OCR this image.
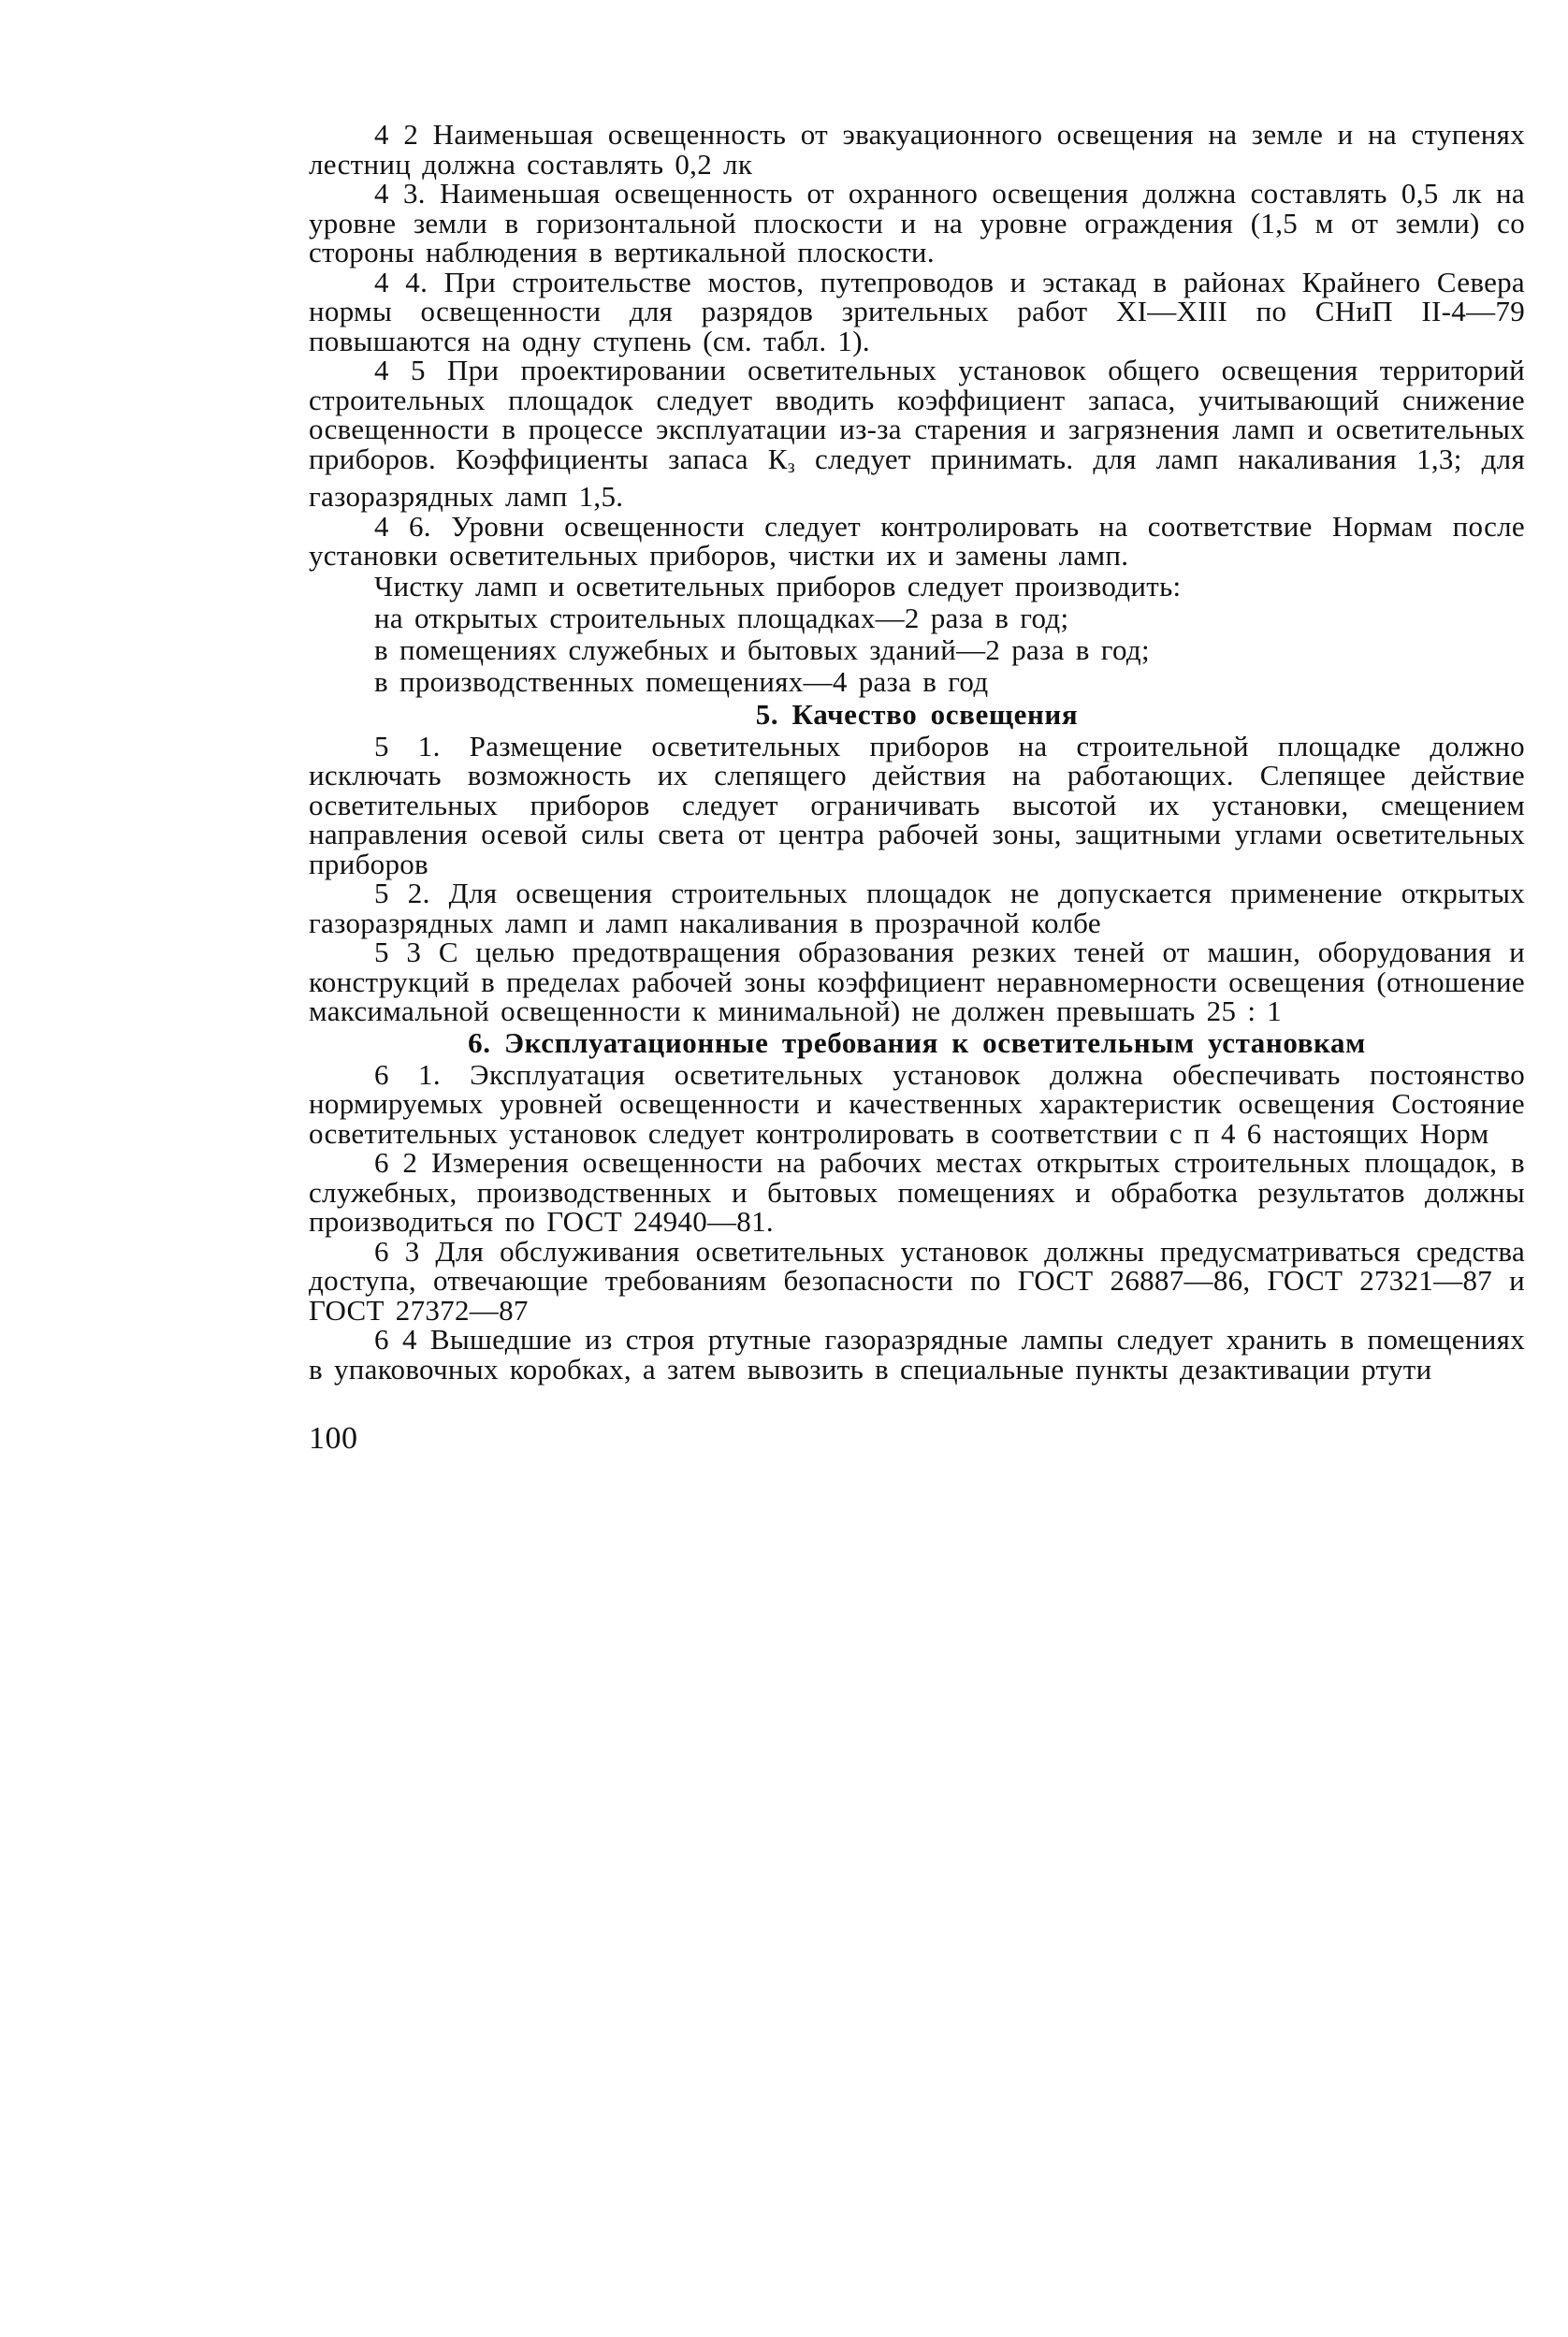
4 2 Наименьшая освещенность от эвакуационного освещения на земле и на ступенях лестниц должна составлять 0,2 лк

4 3. Наименьшая освещенность от охранного освещения должна составлять 0,5 лк на уровне земли в горизонтальной плоскости и на уровне ограждения (1,5 м от земли) со стороны наблюдения в вертикальной плоскости.

4 4. При строительстве мостов, путепроводов и эстакад в районах Крайнего Севера нормы освещенности для разрядов зрительных работ XI—XIII по СНиП II-4—79 повышаются на одну ступень (см. табл. 1).

4 5 При проектировании осветительных установок общего освещения территорий строительных площадок следует вводить коэффициент запаса, учитывающий снижение освещенности в процессе эксплуатации из-за старения и загрязнения ламп и осветительных приборов. Коэффициенты запаса $К_з$ следует принимать. для ламп накаливания 1,3; для газоразрядных ламп 1,5.

4 6. Уровни освещенности следует контролировать на соответствие Нормам после установки осветительных приборов, чистки их и замены ламп.

Чистку ламп и осветительных приборов следует производить:

на открытых строительных площадках—2 раза в год;

в помещениях служебных и бытовых зданий—2 раза в год;

в производственных помещениях—4 раза в год

5. Качество освещения

5 1. Размещение осветительных приборов на строительной площадке должно исключать возможность их слепящего действия на работающих. Слепящее действие осветительных приборов следует ограничивать высотой их установки, смещением направления осевой силы света от центра рабочей зоны, защитными углами осветительных приборов

5 2. Для освещения строительных площадок не допускается применение открытых газоразрядных ламп и ламп накаливания в прозрачной колбе

5 3 С целью предотвращения образования резких теней от машин, оборудования и конструкций в пределах рабочей зоны коэффициент неравномерности освещения (отношение максимальной освещенности к минимальной) не должен превышать 25 : 1

6. Эксплуатационные требования к осветительным установкам

6 1. Эксплуатация осветительных установок должна обеспечивать постоянство нормируемых уровней освещенности и качественных характеристик освещения Состояние осветительных установок следует контролировать в соответствии с п 4 6 настоящих Норм

6 2 Измерения освещенности на рабочих местах открытых строительных площадок, в служебных, производственных и бытовых помещениях и обработка результатов должны производиться по ГОСТ 24940—81.

6 3 Для обслуживания осветительных установок должны предусматриваться средства доступа, отвечающие требованиям безопасности по ГОСТ 26887—86, ГОСТ 27321—87 и ГОСТ 27372—87

6 4 Вышедшие из строя ртутные газоразрядные лампы следует хранить в помещениях в упаковочных коробках, а затем вывозить в специальные пункты дезактивации ртути

100
